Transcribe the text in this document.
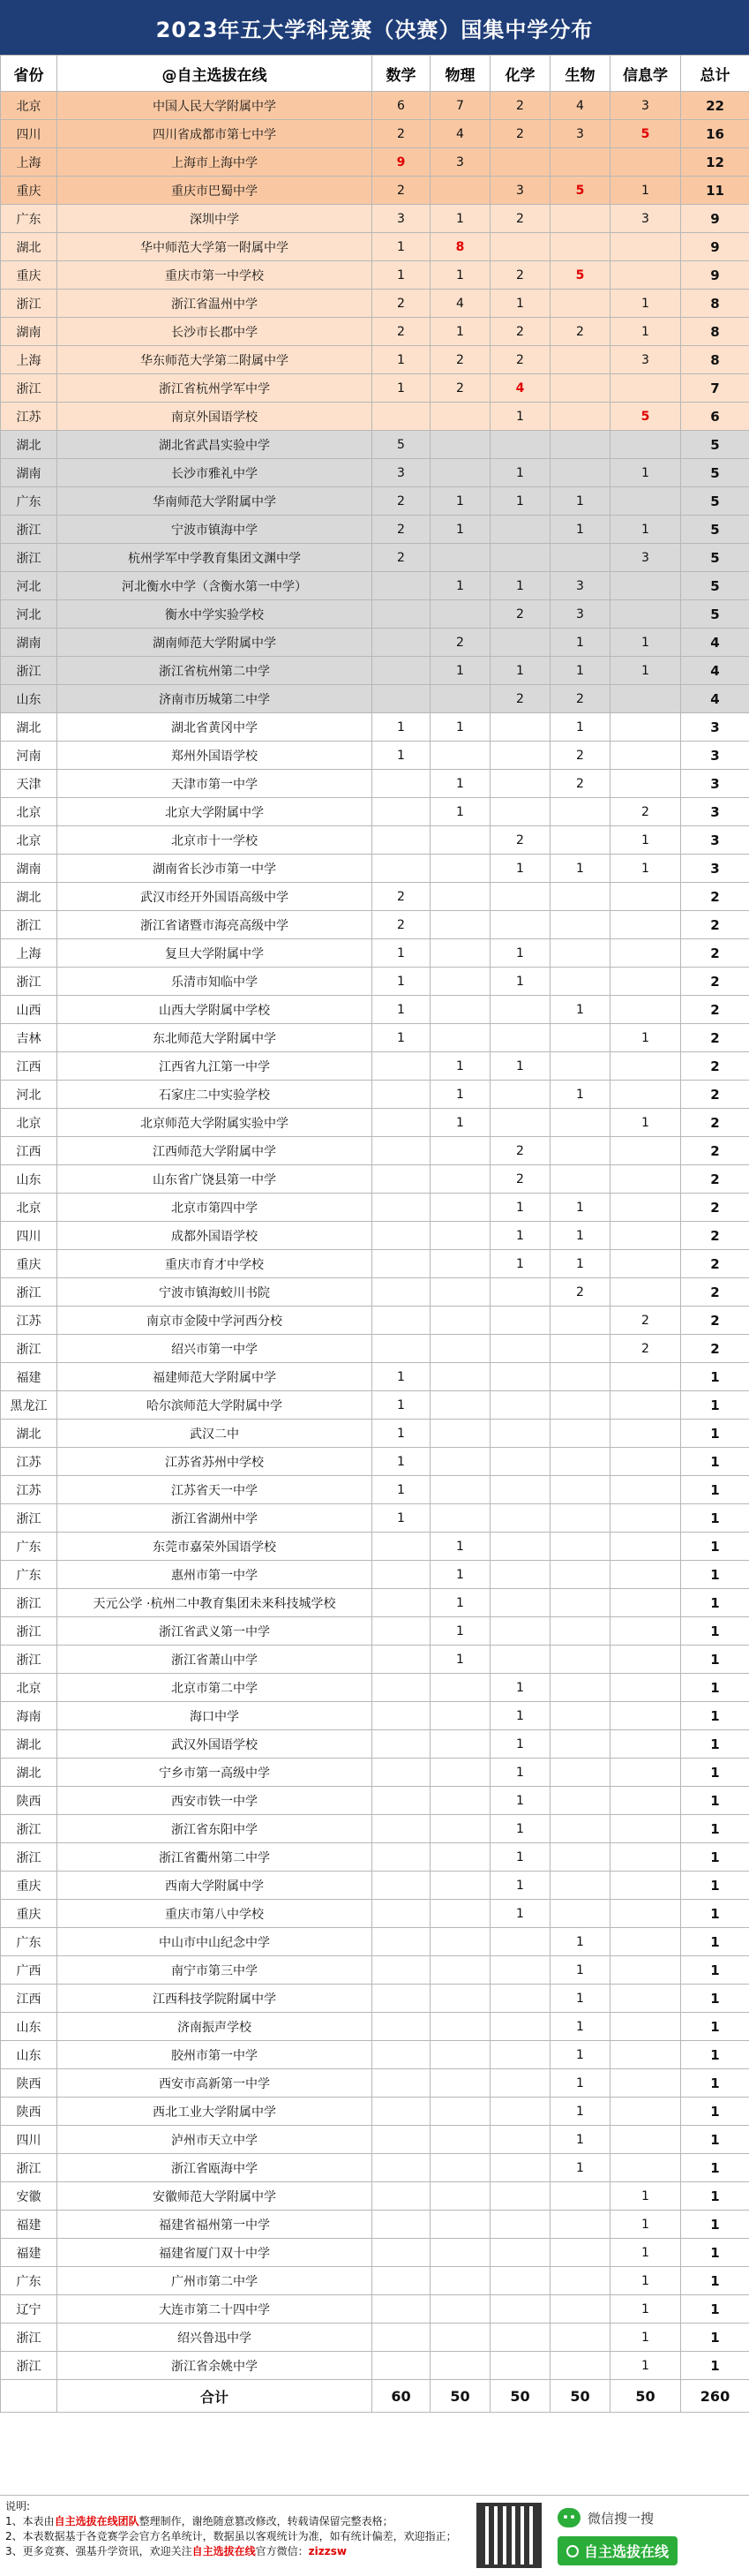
2023年五大学科竞赛（决赛）国集中学分布
省份	@自主选拔在线	数学	物理	化学	生物	信息学	总计
北京	中国人民大学附属中学	6	7	2	4	3	22
四川	四川省成都市第七中学	2	4	2	3	5	16
上海	上海市上海中学	9	3				12
重庆	重庆市巴蜀中学	2		3	5	1	11
广东	深圳中学	3	1	2		3	9
湖北	华中师范大学第一附属中学	1	8				9
重庆	重庆市第一中学校	1	1	2	5		9
浙江	浙江省温州中学	2	4	1		1	8
湖南	长沙市长郡中学	2	1	2	2	1	8
上海	华东师范大学第二附属中学	1	2	2		3	8
浙江	浙江省杭州学军中学	1	2	4			7
江苏	南京外国语学校			1		5	6
湖北	湖北省武昌实验中学	5					5
湖南	长沙市雅礼中学	3		1		1	5
广东	华南师范大学附属中学	2	1	1	1		5
浙江	宁波市镇海中学	2	1		1	1	5
浙江	杭州学军中学教育集团文渊中学	2				3	5
河北	河北衡水中学（含衡水第一中学）		1	1	3		5
河北	衡水中学实验学校			2	3		5
湖南	湖南师范大学附属中学		2		1	1	4
浙江	浙江省杭州第二中学		1	1	1	1	4
山东	济南市历城第二中学			2	2		4
湖北	湖北省黄冈中学	1	1		1		3
河南	郑州外国语学校	1			2		3
天津	天津市第一中学		1		2		3
北京	北京大学附属中学		1			2	3
北京	北京市十一学校			2		1	3
湖南	湖南省长沙市第一中学			1	1	1	3
湖北	武汉市经开外国语高级中学	2					2
浙江	浙江省诸暨市海亮高级中学	2					2
上海	复旦大学附属中学	1		1			2
浙江	乐清市知临中学	1		1			2
山西	山西大学附属中学校	1			1		2
吉林	东北师范大学附属中学	1				1	2
江西	江西省九江第一中学		1	1			2
河北	石家庄二中实验学校		1		1		2
北京	北京师范大学附属实验中学		1			1	2
江西	江西师范大学附属中学			2			2
山东	山东省广饶县第一中学			2			2
北京	北京市第四中学			1	1		2
四川	成都外国语学校			1	1		2
重庆	重庆市育才中学校			1	1		2
浙江	宁波市镇海蛟川书院				2		2
江苏	南京市金陵中学河西分校					2	2
浙江	绍兴市第一中学					2	2
福建	福建师范大学附属中学	1					1
黑龙江	哈尔滨师范大学附属中学	1					1
湖北	武汉二中	1					1
江苏	江苏省苏州中学校	1					1
江苏	江苏省天一中学	1					1
浙江	浙江省湖州中学	1					1
广东	东莞市嘉荣外国语学校		1				1
广东	惠州市第一中学		1				1
浙江	天元公学 ·杭州二中教育集团未来科技城学校		1				1
浙江	浙江省武义第一中学		1				1
浙江	浙江省萧山中学		1				1
北京	北京市第二中学			1			1
海南	海口中学			1			1
湖北	武汉外国语学校			1			1
湖北	宁乡市第一高级中学			1			1
陕西	西安市铁一中学			1			1
浙江	浙江省东阳中学			1			1
浙江	浙江省衢州第二中学			1			1
重庆	西南大学附属中学			1			1
重庆	重庆市第八中学校			1			1
广东	中山市中山纪念中学				1		1
广西	南宁市第三中学				1		1
江西	江西科技学院附属中学				1		1
山东	济南振声学校				1		1
山东	胶州市第一中学				1		1
陕西	西安市高新第一中学				1		1
陕西	西北工业大学附属中学				1		1
四川	泸州市天立中学				1		1
浙江	浙江省瓯海中学				1		1
安徽	安徽师范大学附属中学					1	1
福建	福建省福州第一中学					1	1
福建	福建省厦门双十中学					1	1
广东	广州市第二中学					1	1
辽宁	大连市第二十四中学					1	1
浙江	绍兴鲁迅中学					1	1
浙江	浙江省余姚中学					1	1
	合计	60	50	50	50	50	260
说明:
1、本表由自主选拔在线团队整理制作，谢绝随意篡改修改，转载请保留完整表格；
2、本表数据基于各竞赛学会官方名单统计，数据虽以客观统计为准，如有统计偏差，欢迎指正；
3、更多竞赛、强基升学资讯，欢迎关注自主选拔在线官方微信：zizzsw
微信搜一搜
自主选拔在线
